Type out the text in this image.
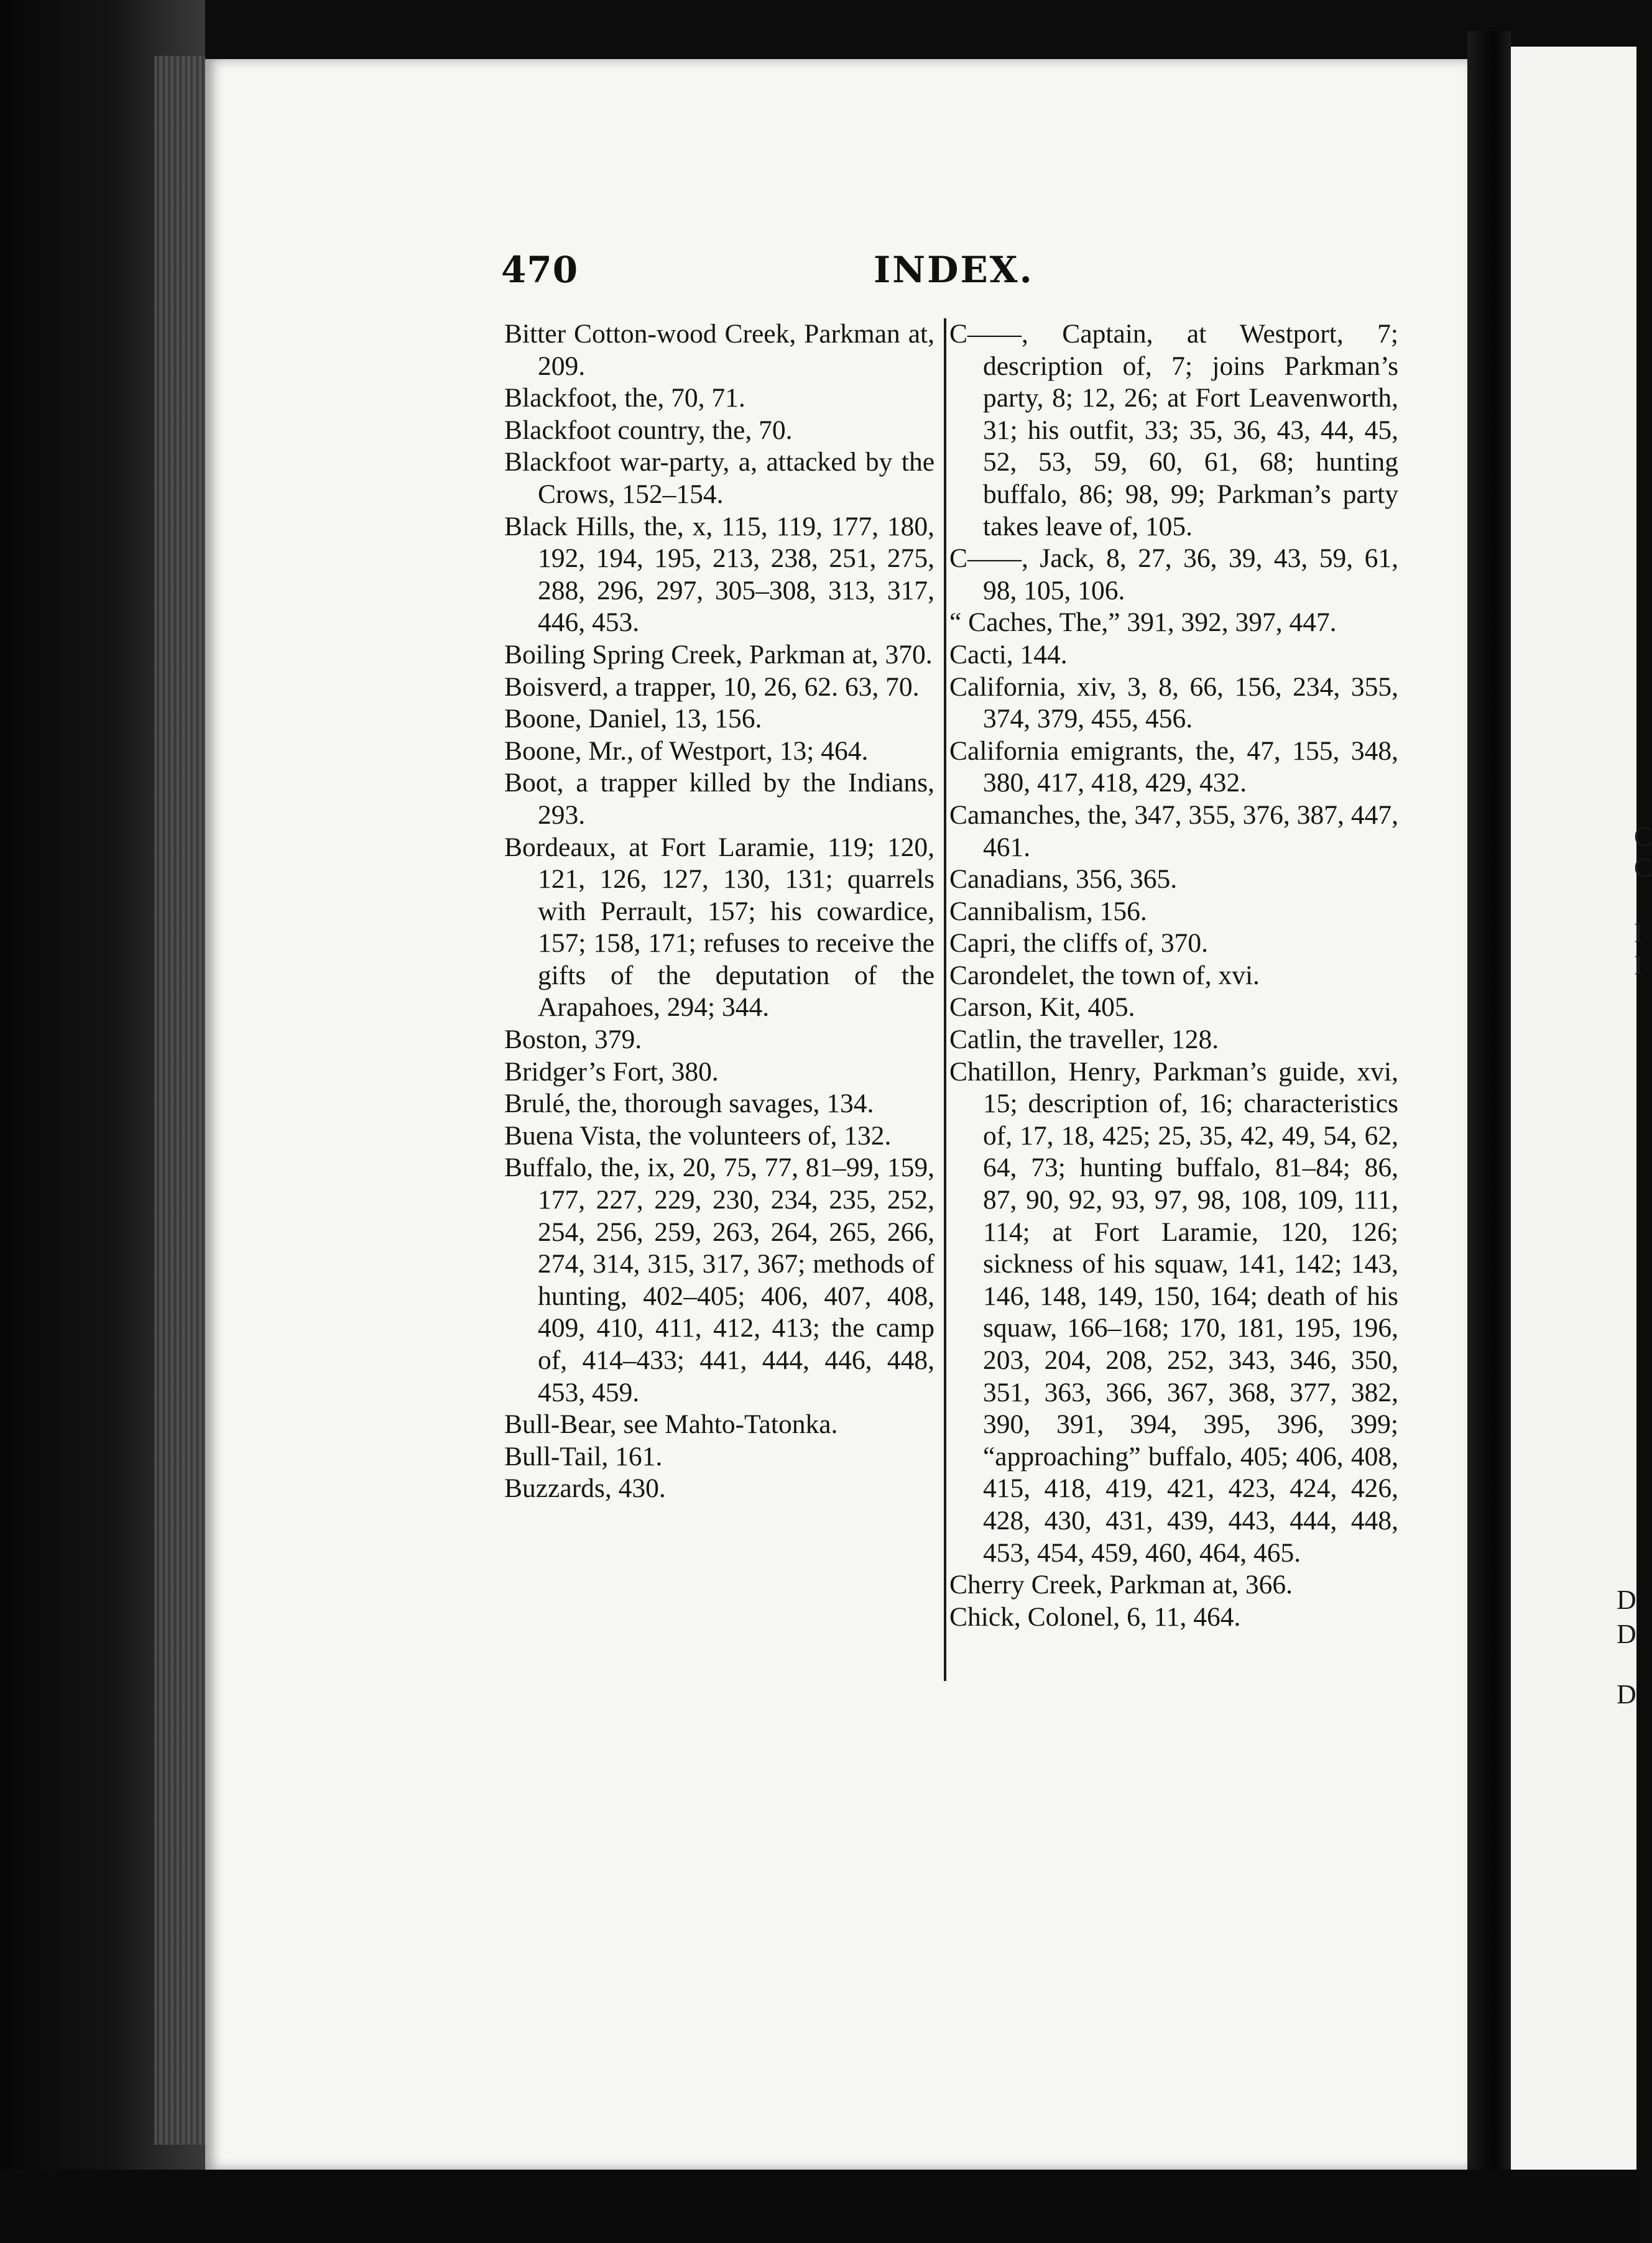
C
C
I
I
D
D
D
470	INDEX.
Bitter Cotton-wood Creek, Parkman at, 209.
Blackfoot, the, 70, 71.
Blackfoot country, the, 70.
Blackfoot war-party, a, attacked by the Crows, 152–154.
Black Hills, the, x, 115, 119, 177, 180, 192, 194, 195, 213, 238, 251, 275, 288, 296, 297, 305–308, 313, 317, 446, 453.
Boiling Spring Creek, Parkman at, 370.
Boisverd, a trapper, 10, 26, 62. 63, 70.
Boone, Daniel, 13, 156.
Boone, Mr., of Westport, 13; 464.
Boot, a trapper killed by the Indians, 293.
Bordeaux, at Fort Laramie, 119; 120, 121, 126, 127, 130, 131; quarrels with Perrault, 157; his cowardice, 157; 158, 171; refuses to receive the gifts of the deputation of the Arapahoes, 294; 344.
Boston, 379.
Bridger’s Fort, 380.
Brulé, the, thorough savages, 134.
Buena Vista, the volunteers of, 132.
Buffalo, the, ix, 20, 75, 77, 81–99, 159, 177, 227, 229, 230, 234, 235, 252, 254, 256, 259, 263, 264, 265, 266, 274, 314, 315, 317, 367; methods of hunting, 402–405; 406, 407, 408, 409, 410, 411, 412, 413; the camp of, 414–433; 441, 444, 446, 448, 453, 459.
Bull-Bear, see Mahto-Tatonka.
Bull-Tail, 161.
Buzzards, 430.
C——, Captain, at Westport, 7; description of, 7; joins Parkman’s party, 8; 12, 26; at Fort Leavenworth, 31; his outfit, 33; 35, 36, 43, 44, 45, 52, 53, 59, 60, 61, 68; hunting buffalo, 86; 98, 99; Parkman’s party takes leave of, 105.
C——, Jack, 8, 27, 36, 39, 43, 59, 61, 98, 105, 106.
“ Caches, The,” 391, 392, 397, 447.
Cacti, 144.
California, xiv, 3, 8, 66, 156, 234, 355, 374, 379, 455, 456.
California emigrants, the, 47, 155, 348, 380, 417, 418, 429, 432.
Camanches, the, 347, 355, 376, 387, 447, 461.
Canadians, 356, 365.
Cannibalism, 156.
Capri, the cliffs of, 370.
Carondelet, the town of, xvi.
Carson, Kit, 405.
Catlin, the traveller, 128.
Chatillon, Henry, Parkman’s guide, xvi, 15; description of, 16; characteristics of, 17, 18, 425; 25, 35, 42, 49, 54, 62, 64, 73; hunting buffalo, 81–84; 86, 87, 90, 92, 93, 97, 98, 108, 109, 111, 114; at Fort Laramie, 120, 126; sickness of his squaw, 141, 142; 143, 146, 148, 149, 150, 164; death of his squaw, 166–168; 170, 181, 195, 196, 203, 204, 208, 252, 343, 346, 350, 351, 363, 366, 367, 368, 377, 382, 390, 391, 394, 395, 396, 399; “approaching” buffalo, 405; 406, 408, 415, 418, 419, 421, 423, 424, 426, 428, 430, 431, 439, 443, 444, 448, 453, 454, 459, 460, 464, 465.
Cherry Creek, Parkman at, 366.
Chick, Colonel, 6, 11, 464.
